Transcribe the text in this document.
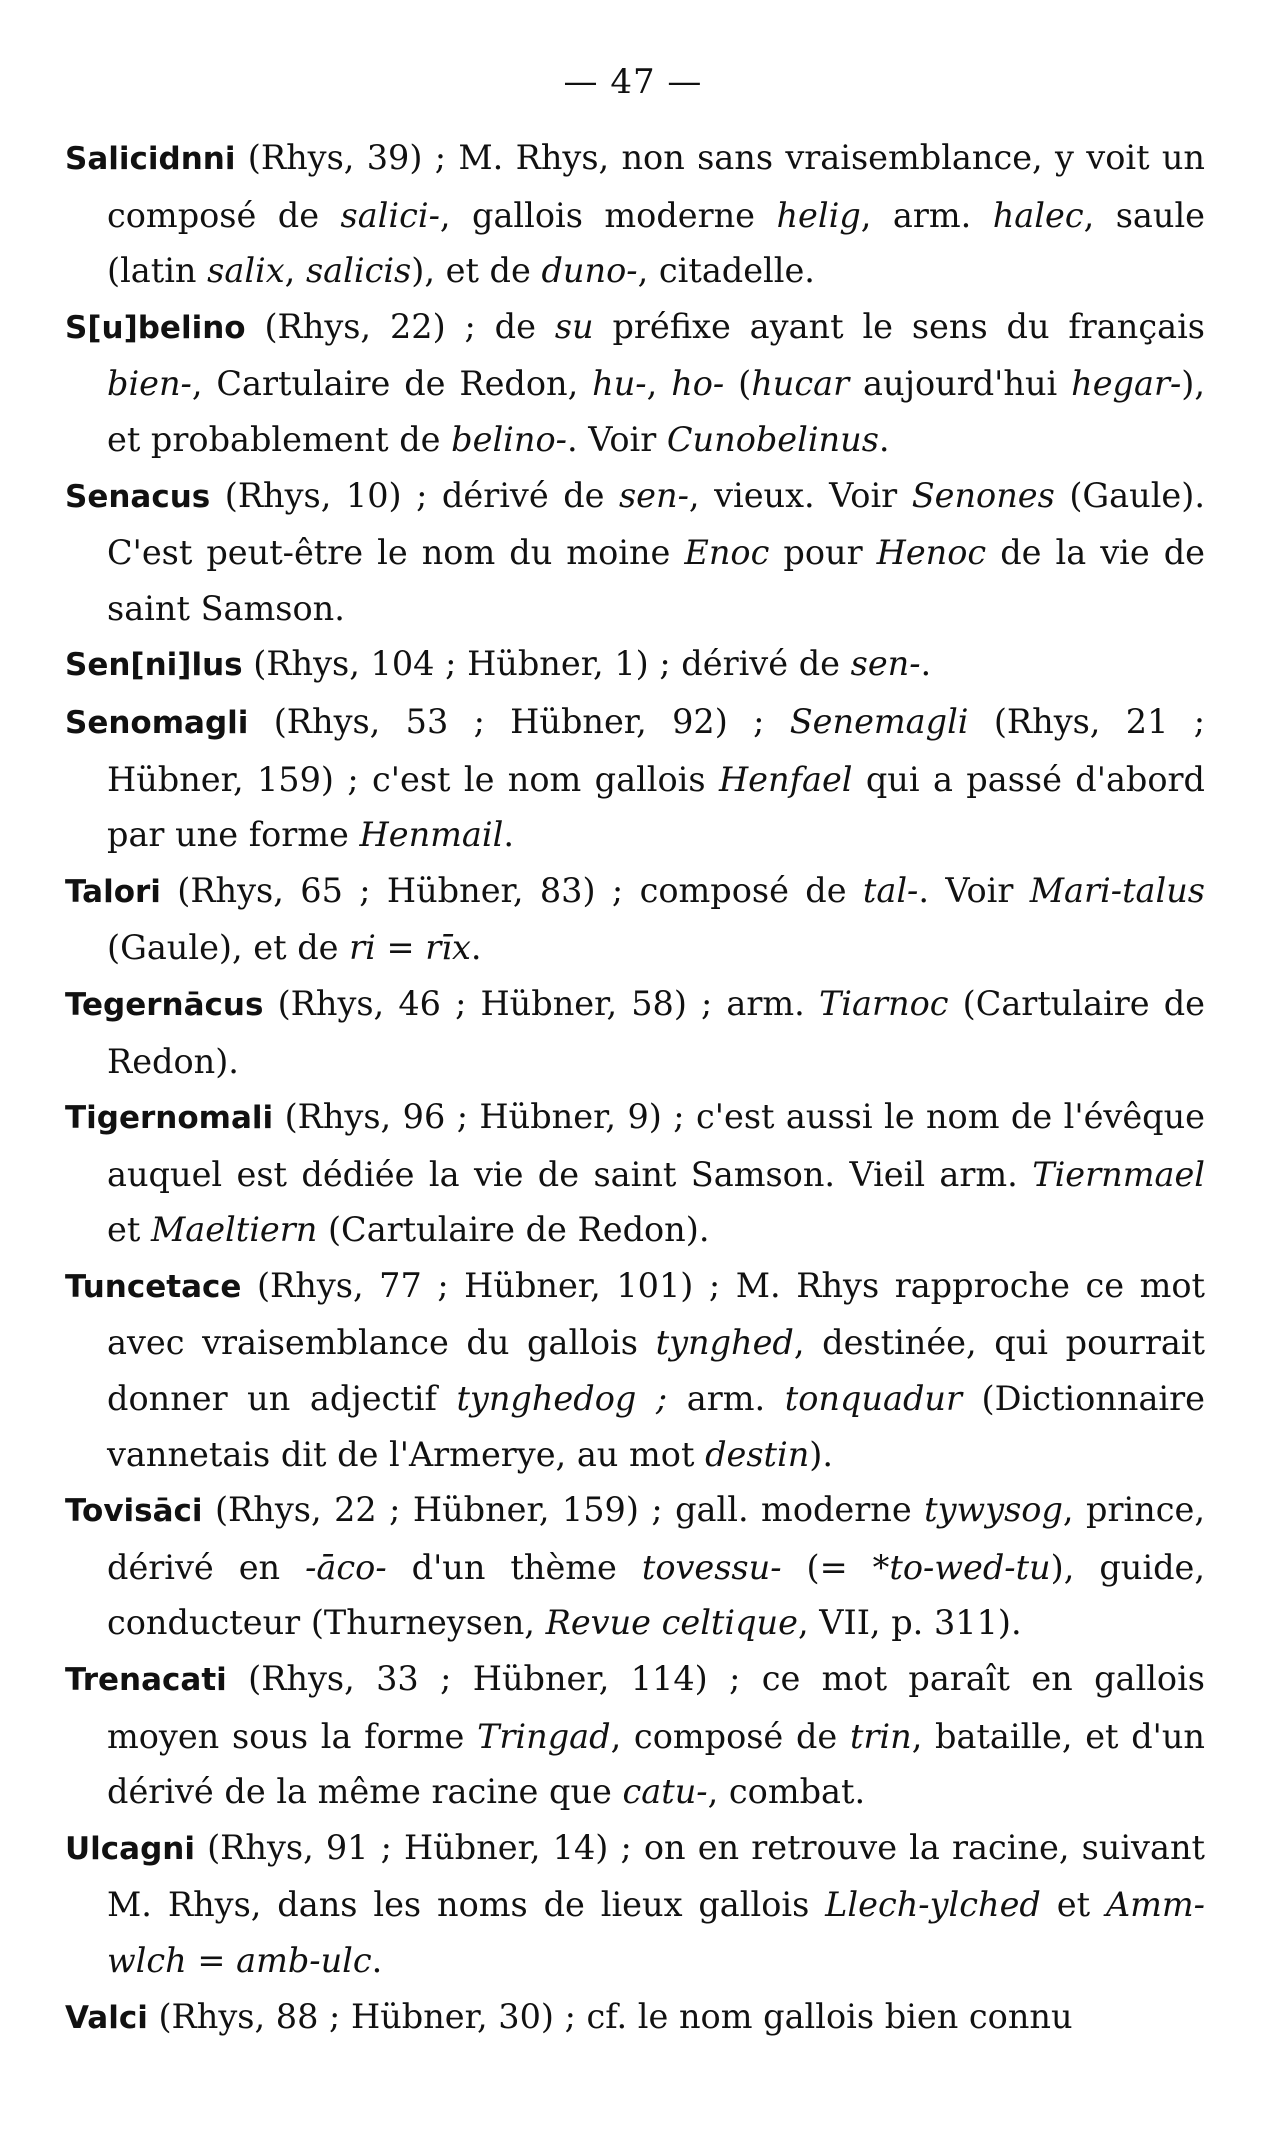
— 47 —

Salicidnni (Rhys, 39) ; M. Rhys, non sans vraisemblance, y voit un composé de salici-, gallois moderne helig, arm. halec, saule (latin salix, salicis), et de duno-, citadelle.

S[u]belino (Rhys, 22) ; de su préfixe ayant le sens du français bien-, Cartulaire de Redon, hu-, ho- (hucar aujourd'hui hegar-), et probablement de belino-. Voir Cunobelinus.

Senacus (Rhys, 10) ; dérivé de sen-, vieux. Voir Senones (Gaule). C'est peut-être le nom du moine Enoc pour Henoc de la vie de saint Samson.

Sen[ni]lus (Rhys, 104 ; Hübner, 1) ; dérivé de sen-.

Senomagli (Rhys, 53 ; Hübner, 92) ; Senemagli (Rhys, 21 ; Hübner, 159) ; c'est le nom gallois Henfael qui a passé d'abord par une forme Henmail.

Talori (Rhys, 65 ; Hübner, 83) ; composé de tal-. Voir Mari-talus (Gaule), et de ri = rīx.

Tegernācus (Rhys, 46 ; Hübner, 58) ; arm. Tiarnoc (Cartulaire de Redon).

Tigernomali (Rhys, 96 ; Hübner, 9) ; c'est aussi le nom de l'évêque auquel est dédiée la vie de saint Samson. Vieil arm. Tiernmael et Maeltiern (Cartulaire de Redon).

Tuncetace (Rhys, 77 ; Hübner, 101) ; M. Rhys rapproche ce mot avec vraisemblance du gallois tynghed, destinée, qui pourrait donner un adjectif tynghedog ; arm. tonquadur (Dictionnaire vannetais dit de l'Armerye, au mot destin).

Tovisāci (Rhys, 22 ; Hübner, 159) ; gall. moderne tywysog, prince, dérivé en -āco- d'un thème tovessu- (= *to-wed-tu), guide, conducteur (Thurneysen, Revue celtique, VII, p. 311).

Trenacati (Rhys, 33 ; Hübner, 114) ; ce mot paraît en gallois moyen sous la forme Tringad, composé de trin, bataille, et d'un dérivé de la même racine que catu-, combat.

Ulcagni (Rhys, 91 ; Hübner, 14) ; on en retrouve la racine, suivant M. Rhys, dans les noms de lieux gallois Llech-ylched et Amm-wlch = amb-ulc.

Valci (Rhys, 88 ; Hübner, 30) ; cf. le nom gallois bien connu
